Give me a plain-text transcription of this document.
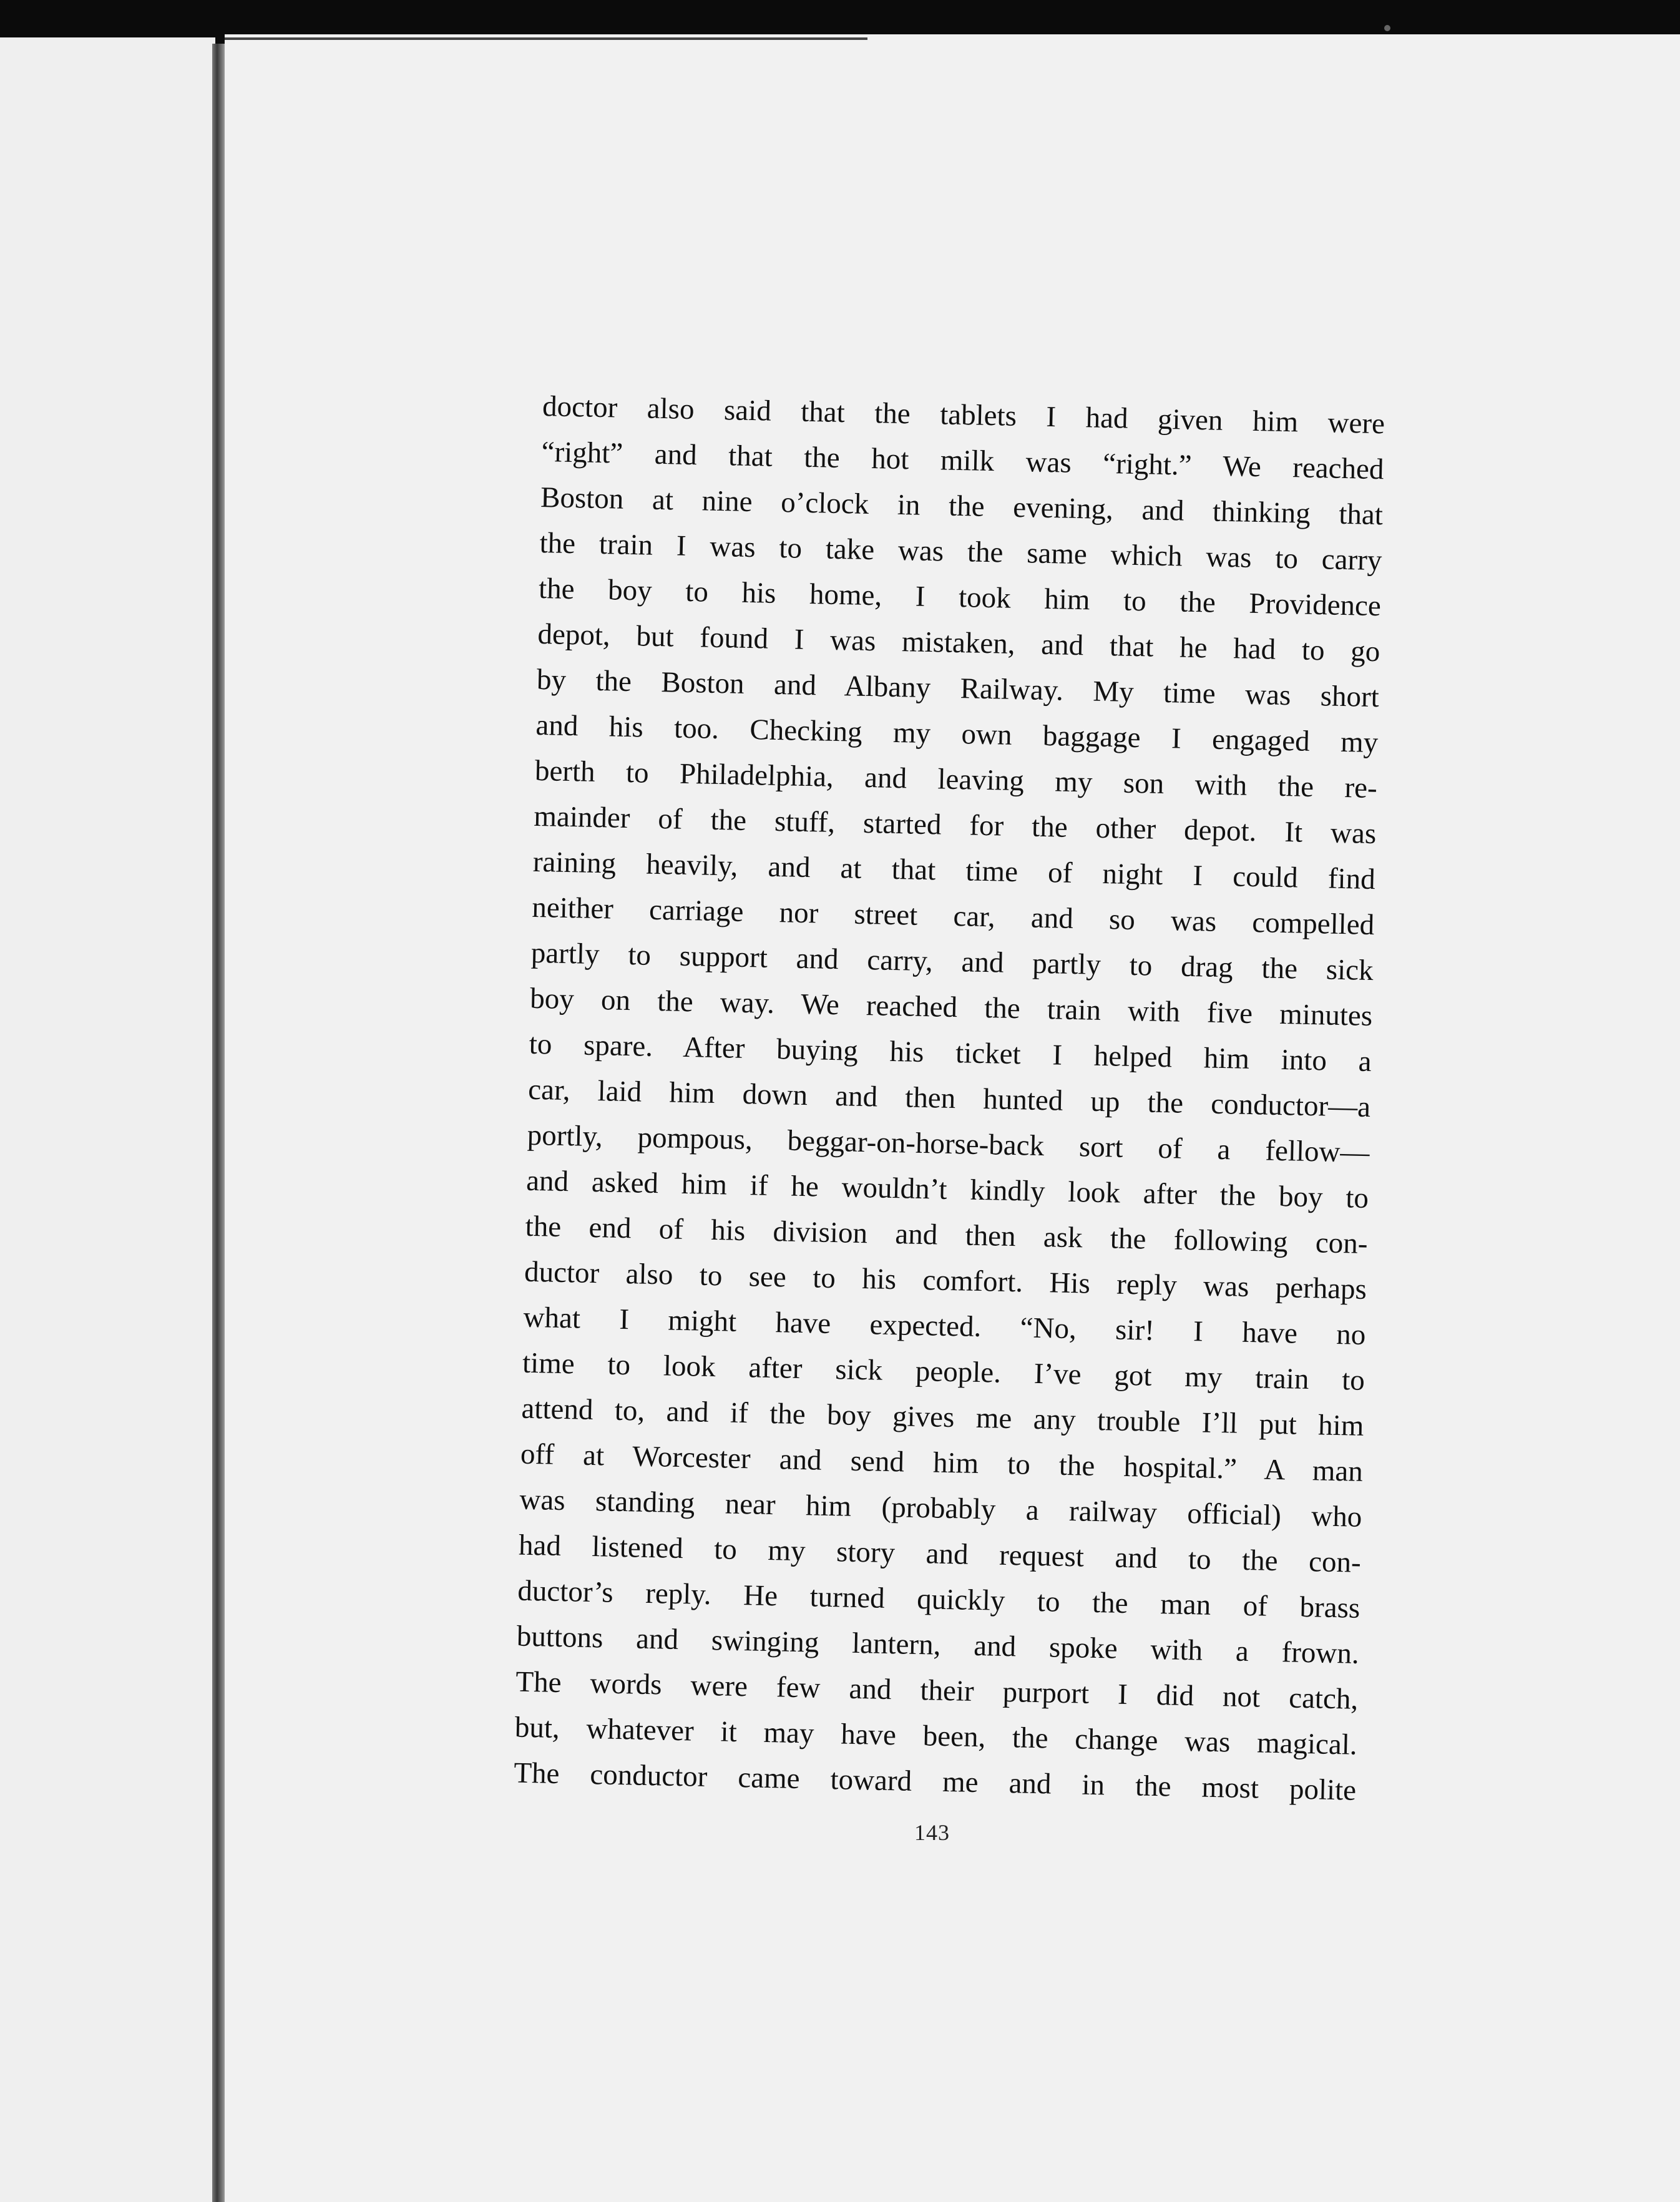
doctor also said that the tablets I had given him were
“right” and that the hot milk was “right.” We reached
Boston at nine o’clock in the evening, and thinking that
the train I was to take was the same which was to carry
the boy to his home, I took him to the Providence
depot, but found I was mistaken, and that he had to go
by the Boston and Albany Railway. My time was short
and his too. Checking my own baggage I engaged my
berth to Philadelphia, and leaving my son with the re-
mainder of the stuff, started for the other depot. It was
raining heavily, and at that time of night I could find
neither carriage nor street car, and so was compelled
partly to support and carry, and partly to drag the sick
boy on the way. We reached the train with five minutes
to spare. After buying his ticket I helped him into a
car, laid him down and then hunted up the conductor—a
portly, pompous, beggar-on-horse-back sort of a fellow—
and asked him if he wouldn’t kindly look after the boy to
the end of his division and then ask the following con-
ductor also to see to his comfort. His reply was perhaps
what I might have expected. “No, sir! I have no
time to look after sick people. I’ve got my train to
attend to, and if the boy gives me any trouble I’ll put him
off at Worcester and send him to the hospital.” A man
was standing near him (probably a railway official) who
had listened to my story and request and to the con-
ductor’s reply. He turned quickly to the man of brass
buttons and swinging lantern, and spoke with a frown.
The words were few and their purport I did not catch,
but, whatever it may have been, the change was magical.
The conductor came toward me and in the most polite
143
